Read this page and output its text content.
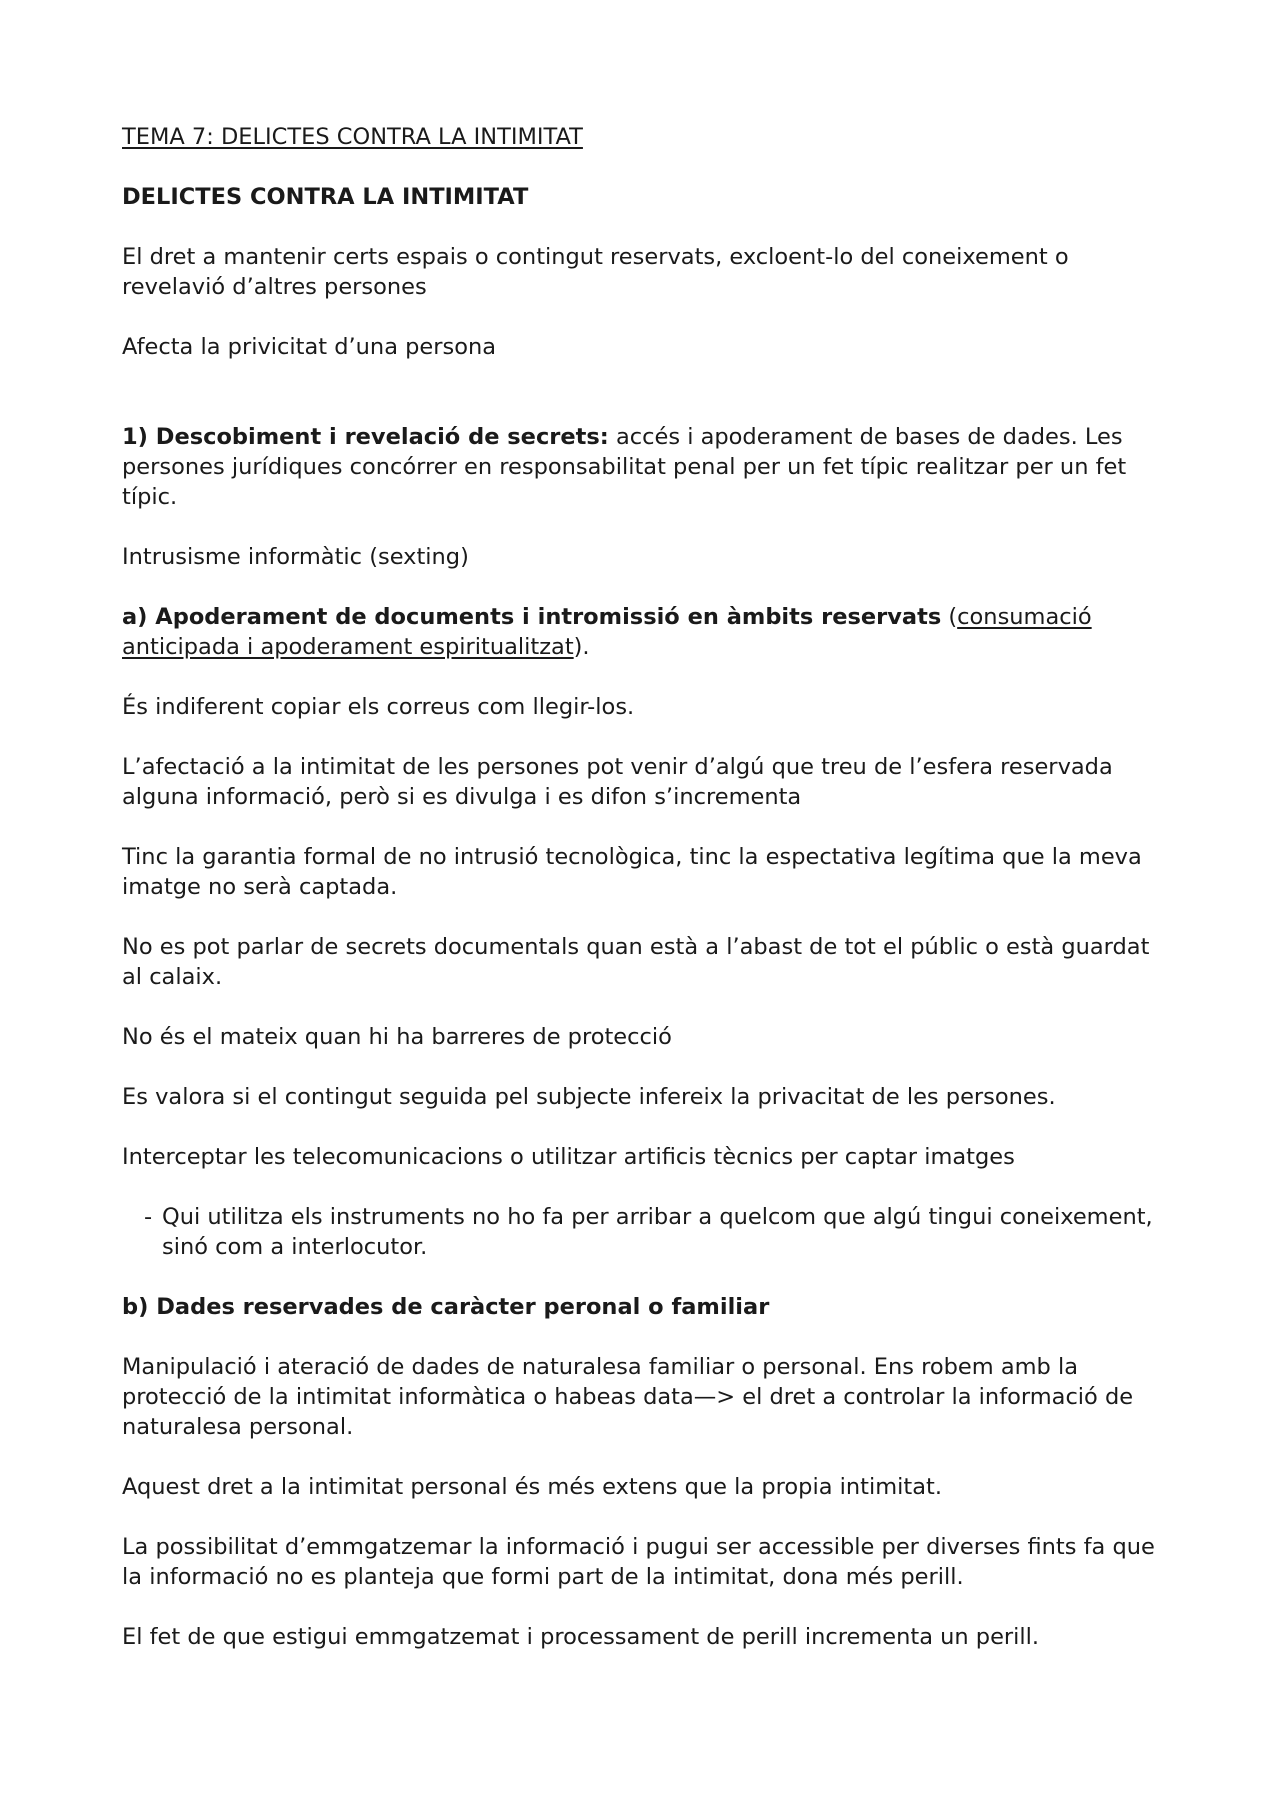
TEMA 7: DELICTES CONTRA LA INTIMITAT

DELICTES CONTRA LA INTIMITAT

El dret a mantenir certs espais o contingut reservats, excloent-lo del coneixement o revelavió d’altres persones

Afecta la privicitat d’una persona

1) Descobiment i revelació de secrets: accés i apoderament de bases de dades. Les persones jurídiques concórrer en responsabilitat penal per un fet típic realitzar per un fet típic.

Intrusisme informàtic (sexting)

a) Apoderament de documents i intromissió en àmbits reservats (consumació anticipada i apoderament espiritualitzat).

És indiferent copiar els correus com llegir-los.

L’afectació a la intimitat de les persones pot venir d’algú que treu de l’esfera reservada alguna informació, però si es divulga i es difon s’incrementa

Tinc la garantia formal de no intrusió tecnològica, tinc la espectativa legítima que la meva imatge no serà captada.

No es pot parlar de secrets documentals quan està a l’abast de tot el públic o està guardat al calaix.

No és el mateix quan hi ha barreres de protecció

Es valora si el contingut seguida pel subjecte infereix la privacitat de les persones.

Interceptar les telecomunicacions o utilitzar artificis tècnics per captar imatges

- Qui utilitza els instruments no ho fa per arribar a quelcom que algú tingui coneixement, sinó com a interlocutor.

b) Dades reservades de caràcter peronal o familiar

Manipulació i ateració de dades de naturalesa familiar o personal. Ens robem amb la protecció de la intimitat informàtica o habeas data—> el dret a controlar la informació de naturalesa personal.

Aquest dret a la intimitat personal és més extens que la propia intimitat.

La possibilitat d’emmgatzemar la informació i pugui ser accessible per diverses fints fa que la informació no es planteja que formi part de la intimitat, dona més perill.

El fet de que estigui emmgatzemat i processament de perill incrementa un perill.
